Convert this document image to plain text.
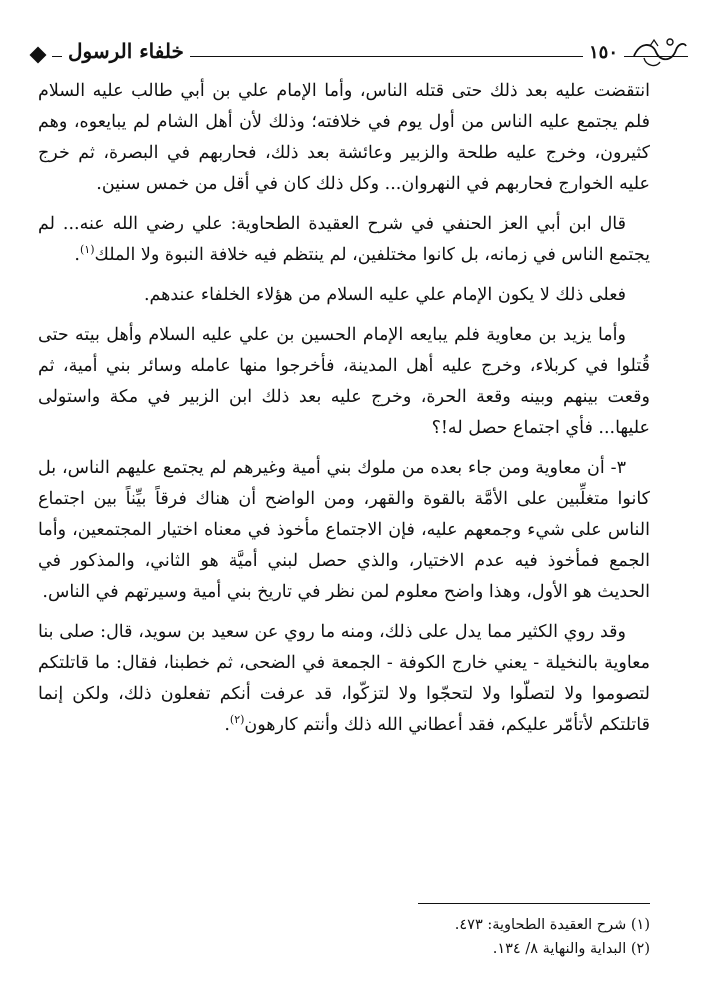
خلفاء الرسول	١٥٠

انتقضت عليه بعد ذلك حتى قتله الناس، وأما الإمام علي بن أبي طالب عليه السلام فلم يجتمع عليه الناس من أول يوم في خلافته؛ وذلك لأن أهل الشام لم يبايعوه، وهم كثيرون، وخرج عليه طلحة والزبير وعائشة بعد ذلك، فحاربهم في البصرة، ثم خرج عليه الخوارج فحاربهم في النهروان... وكل ذلك كان في أقل من خمس سنين.

قال ابن أبي العز الحنفي في شرح العقيدة الطحاوية: علي رضي الله عنه... لم يجتمع الناس في زمانه، بل كانوا مختلفين، لم ينتظم فيه خلافة النبوة ولا الملك$^{(١)}$.

فعلى ذلك لا يكون الإمام علي عليه السلام من هؤلاء الخلفاء عندهم.

وأما يزيد بن معاوية فلم يبايعه الإمام الحسين بن علي عليه السلام وأهل بيته حتى قُتلوا في كربلاء، وخرج عليه أهل المدينة، فأخرجوا منها عامله وسائر بني أمية، ثم وقعت بينهم وبينه وقعة الحرة، وخرج عليه بعد ذلك ابن الزبير في مكة واستولى عليها... فأي اجتماع حصل له!؟

٣- أن معاوية ومن جاء بعده من ملوك بني أمية وغيرهم لم يجتمع عليهم الناس، بل كانوا متغلِّبين على الأمَّة بالقوة والقهر، ومن الواضح أن هناك فرقاً بيِّناً بين اجتماع الناس على شيء وجمعهم عليه، فإن الاجتماع مأخوذ في معناه اختيار المجتمعين، وأما الجمع فمأخوذ فيه عدم الاختيار، والذي حصل لبني أميَّة هو الثاني، والمذكور في الحديث هو الأول، وهذا واضح معلوم لمن نظر في تاريخ بني أمية وسيرتهم في الناس.

وقد روي الكثير مما يدل على ذلك، ومنه ما روي عن سعيد بن سويد، قال: صلى بنا معاوية بالنخيلة - يعني خارج الكوفة - الجمعة في الضحى، ثم خطبنا، فقال: ما قاتلتكم لتصوموا ولا لتصلّوا ولا لتحجّوا ولا لتزكّوا، قد عرفت أنكم تفعلون ذلك، ولكن إنما قاتلتكم لأتأمّر عليكم، فقد أعطاني الله ذلك وأنتم كارهون$^{(٢)}$.

(١) شرح العقيدة الطحاوية: ٤٧٣.
(٢) البداية والنهاية ٨/ ١٣٤.
